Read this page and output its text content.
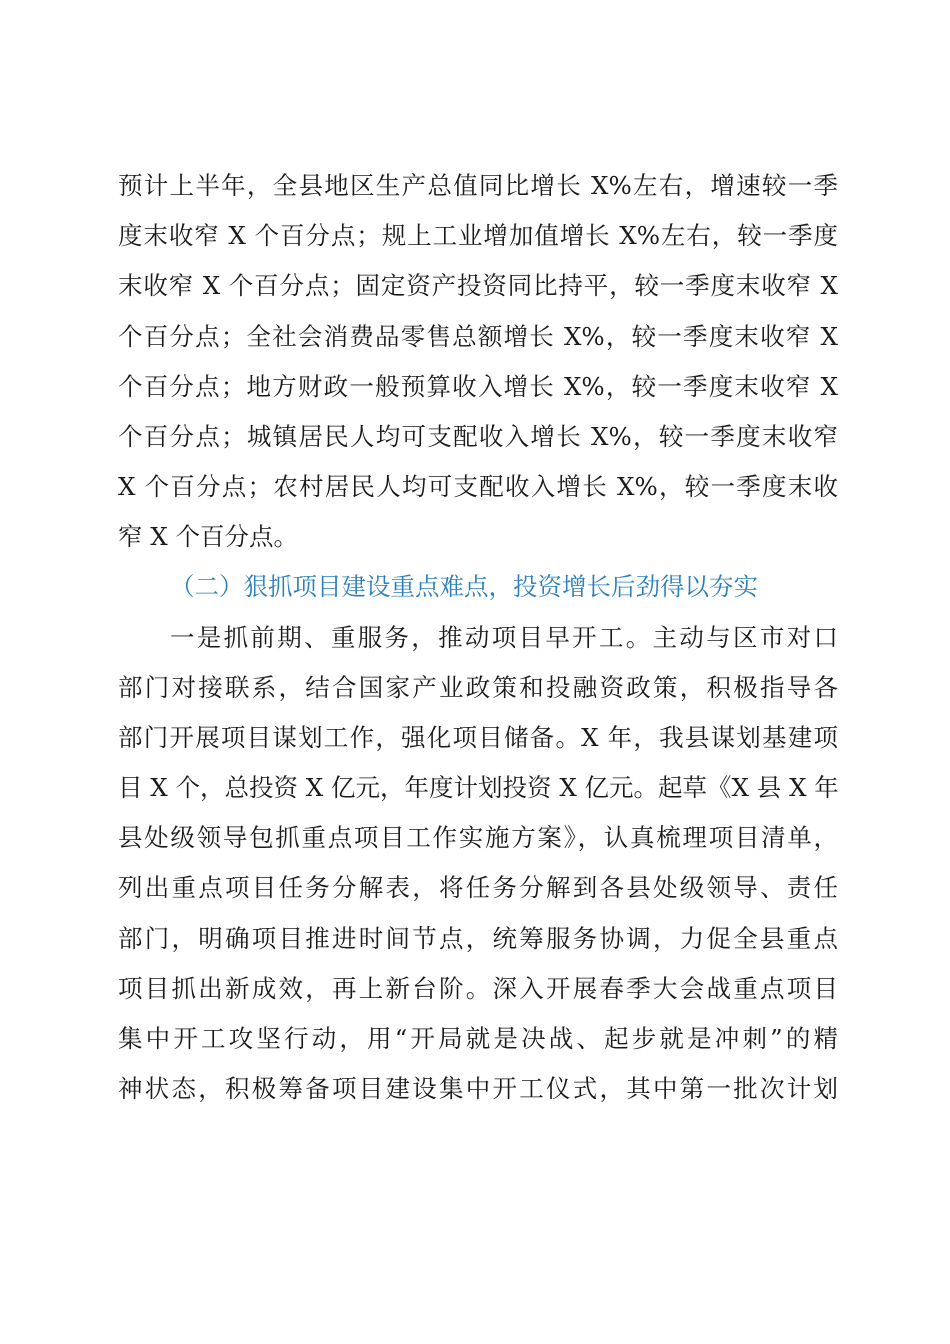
预计上半年，全县地区生产总值同比增长 X%左右，增速较一季
度末收窄 X 个百分点；规上工业增加值增长 X%左右，较一季度
末收窄 X 个百分点；固定资产投资同比持平，较一季度末收窄 X
个百分点；全社会消费品零售总额增长 X%，较一季度末收窄 X
个百分点；地方财政一般预算收入增长 X%，较一季度末收窄 X
个百分点；城镇居民人均可支配收入增长 X%，较一季度末收窄
X 个百分点；农村居民人均可支配收入增长 X%，较一季度末收
窄 X 个百分点。
（二）狠抓项目建设重点难点，投资增长后劲得以夯实
一是抓前期、重服务，推动项目早开工。主动与区市对口
部门对接联系，结合国家产业政策和投融资政策，积极指导各
部门开展项目谋划工作，强化项目储备。X 年，我县谋划基建项
目 X 个，总投资 X 亿元，年度计划投资 X 亿元。起草《X 县 X 年
县处级领导包抓重点项目工作实施方案》，认真梳理项目清单，
列出重点项目任务分解表，将任务分解到各县处级领导、责任
部门，明确项目推进时间节点，统筹服务协调，力促全县重点
项目抓出新成效，再上新台阶。深入开展春季大会战重点项目
集中开工攻坚行动，用“开局就是决战、起步就是冲刺”的精
神状态，积极筹备项目建设集中开工仪式，其中第一批次计划
